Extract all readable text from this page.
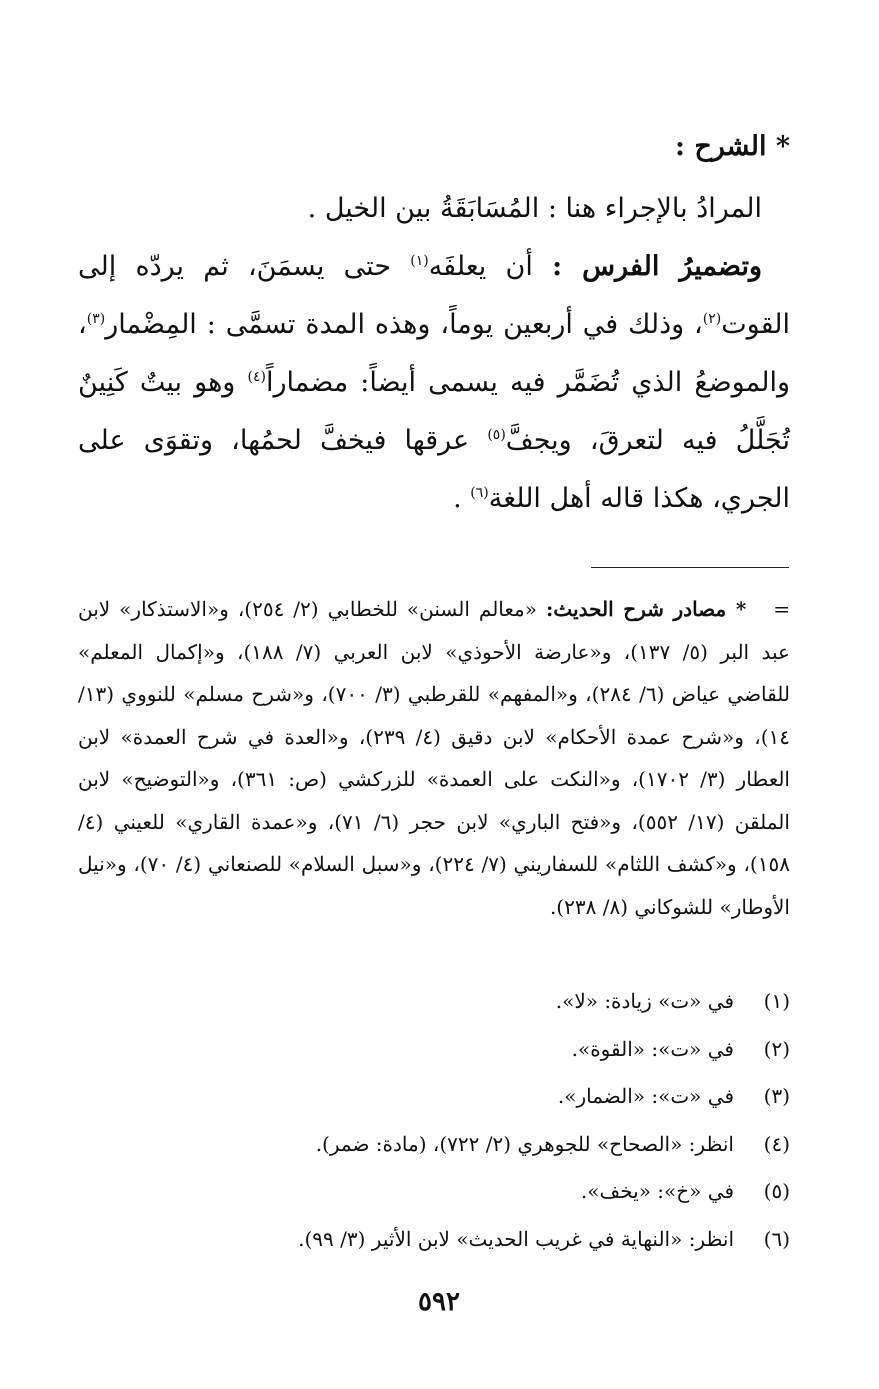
* الشرح :

المرادُ بالإجراء هنا : المُسَابَقَةُ بين الخيل .

وتضميرُ الفرس : أن يعلفَه$^{(١)}$ حتى يسمَنَ، ثم يردّه إلى القوت$^{(٢)}$، وذلك في أربعين يوماً، وهذه المدة تسمَّى : المِضْمار$^{(٣)}$، والموضعُ الذي تُضَمَّر فيه يسمى أيضاً: مضماراً$^{(٤)}$ وهو بيتٌ كَنِينٌ تُجَلَّلُ فيه لتعرقَ، ويجفَّ$^{(٥)}$ عرقها فيخفَّ لحمُها، وتقوَى على الجري، هكذا قاله أهل اللغة$^{(٦)}$ .

=   * مصادر شرح الحديث: «معالم السنن» للخطابي (٢/ ٢٥٤)، و«الاستذكار» لابن عبد البر (٥/ ١٣٧)، و«عارضة الأحوذي» لابن العربي (٧/ ١٨٨)، و«إكمال المعلم» للقاضي عياض (٦/ ٢٨٤)، و«المفهم» للقرطبي (٣/ ٧٠٠)، و«شرح مسلم» للنووي (١٣/ ١٤)، و«شرح عمدة الأحكام» لابن دقيق (٤/ ٢٣٩)، و«العدة في شرح العمدة» لابن العطار (٣/ ١٧٠٢)، و«النكت على العمدة» للزركشي (ص: ٣٦١)، و«التوضيح» لابن الملقن (١٧/ ٥٥٢)، و«فتح الباري» لابن حجر (٦/ ٧١)، و«عمدة القاري» للعيني (٤/ ١٥٨)، و«كشف اللثام» للسفاريني (٧/ ٢٢٤)، و«سبل السلام» للصنعاني (٤/ ٧٠)، و«نيل الأوطار» للشوكاني (٨/ ٢٣٨).
(١)
في «ت» زيادة: «لا».
(٢)
في «ت»: «القوة».
(٣)
في «ت»: «الضمار».
(٤)
انظر: «الصحاح» للجوهري (٢/ ٧٢٢)، (مادة: ضمر).
(٥)
في «خ»: «يخف».
(٦)
انظر: «النهاية في غريب الحديث» لابن الأثير (٣/ ٩٩).
٥٩٢
